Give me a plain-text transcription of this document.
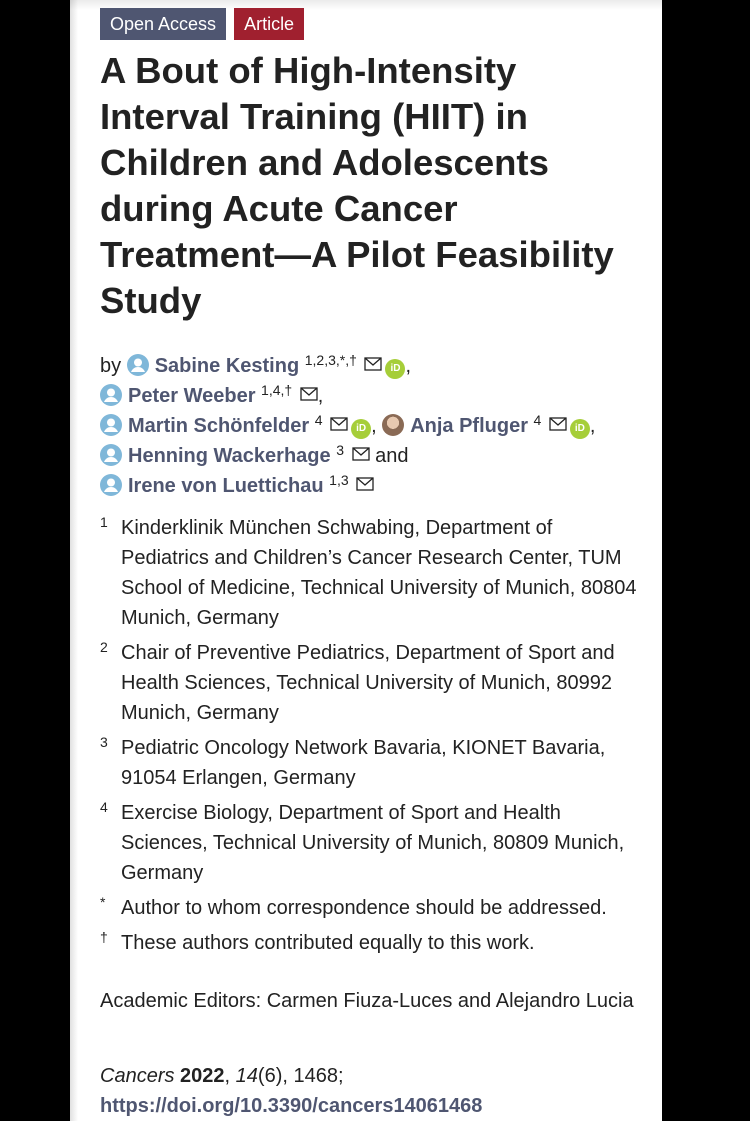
Open Access	Article
A Bout of High-Intensity Interval Training (HIIT) in Children and Adolescents during Acute Cancer Treatment—A Pilot Feasibility Study
by Sabine Kesting $^{1,2,3,*,\dagger}$ iD ,
Peter Weeber $^{1,4,\dagger}$ ,
Martin Schönfelder $^4$ iD , Anja Pfluger $^4$ iD ,
Henning Wackerhage $^3$ and
Irene von Luettichau $^{1,3}$
1 Kinderklinik München Schwabing, Department of Pediatrics and Children’s Cancer Research Center, TUM School of Medicine, Technical University of Munich, 80804 Munich, Germany
2 Chair of Preventive Pediatrics, Department of Sport and Health Sciences, Technical University of Munich, 80992 Munich, Germany
3 Pediatric Oncology Network Bavaria, KIONET Bavaria, 91054 Erlangen, Germany
4 Exercise Biology, Department of Sport and Health Sciences, Technical University of Munich, 80809 Munich, Germany
* Author to whom correspondence should be addressed.
† These authors contributed equally to this work.
Academic Editors: Carmen Fiuza-Luces and Alejandro Lucia
Cancers 2022, 14(6), 1468;
https://doi.org/10.3390/cancers14061468
